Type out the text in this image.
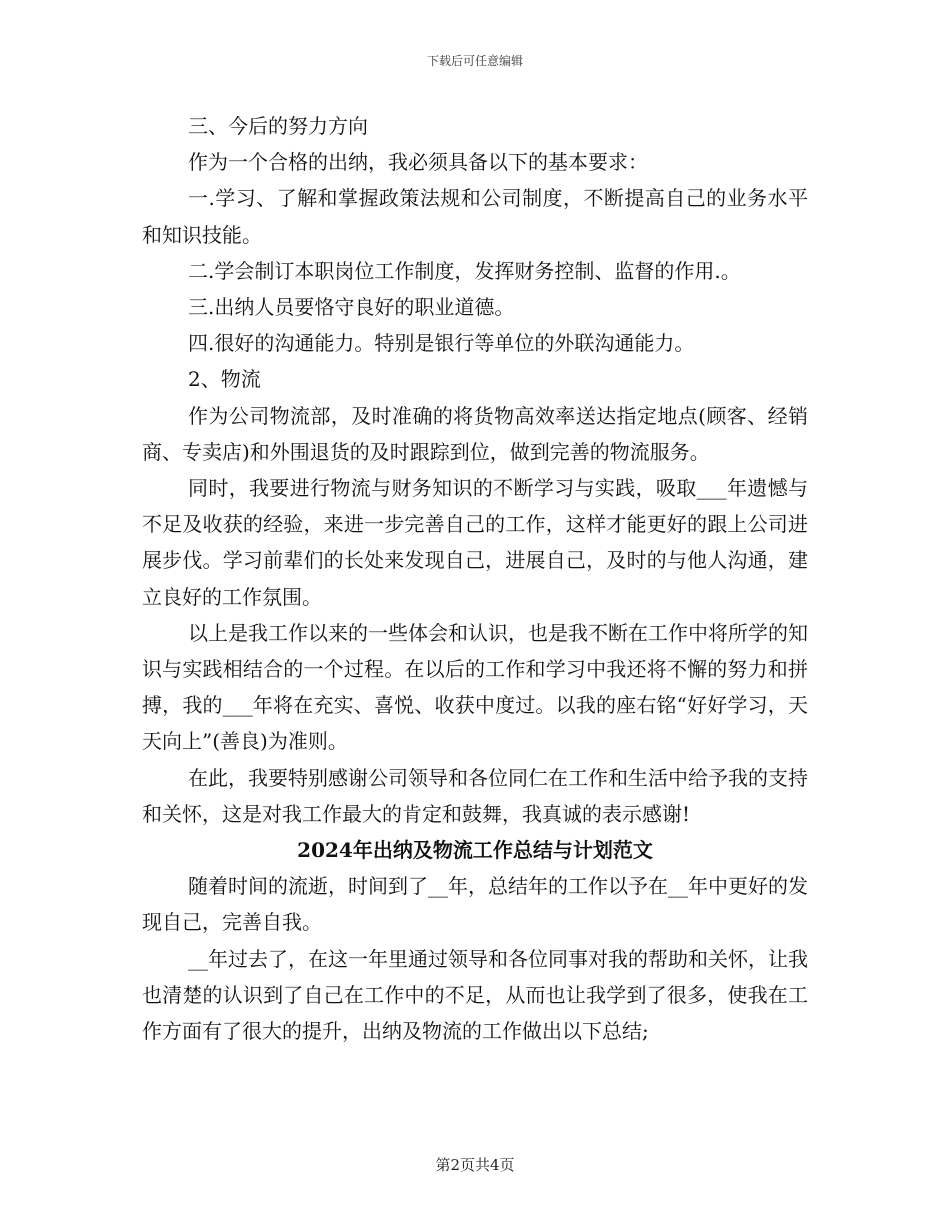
下载后可任意编辑

三、今后的努力方向

作为一个合格的出纳，我必须具备以下的基本要求：

一.学习、了解和掌握政策法规和公司制度，不断提高自己的业务水平和知识技能。

二.学会制订本职岗位工作制度，发挥财务控制、监督的作用.。

三.出纳人员要恪守良好的职业道德。

四.很好的沟通能力。特别是银行等单位的外联沟通能力。

2、物流

作为公司物流部，及时准确的将货物高效率送达指定地点(顾客、经销商、专卖店)和外围退货的及时跟踪到位，做到完善的物流服务。

同时，我要进行物流与财务知识的不断学习与实践，吸取___年遗憾与不足及收获的经验，来进一步完善自己的工作，这样才能更好的跟上公司进展步伐。学习前辈们的长处来发现自己，进展自己，及时的与他人沟通，建立良好的工作氛围。

以上是我工作以来的一些体会和认识，也是我不断在工作中将所学的知识与实践相结合的一个过程。在以后的工作和学习中我还将不懈的努力和拼搏，我的___年将在充实、喜悦、收获中度过。以我的座右铭“好好学习，天天向上”(善良)为准则。

在此，我要特别感谢公司领导和各位同仁在工作和生活中给予我的支持和关怀，这是对我工作最大的肯定和鼓舞，我真诚的表示感谢!

2024年出纳及物流工作总结与计划范文

随着时间的流逝，时间到了__年，总结年的工作以予在__年中更好的发现自己，完善自我。

__年过去了，在这一年里通过领导和各位同事对我的帮助和关怀，让我也清楚的认识到了自己在工作中的不足，从而也让我学到了很多，使我在工作方面有了很大的提升，出纳及物流的工作做出以下总结;

第2页共4页
